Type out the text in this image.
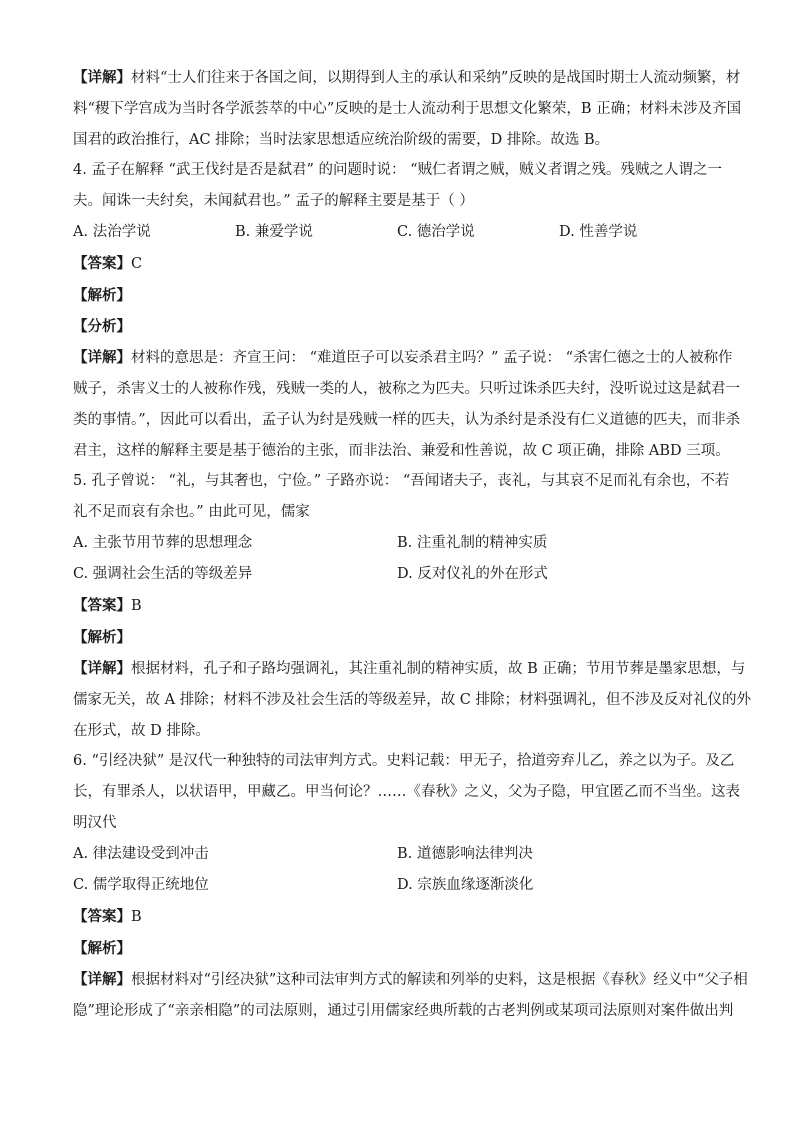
【详解】材料“士人们往来于各国之间，以期得到人主的承认和采纳”反映的是战国时期士人流动频繁，材
料“稷下学宫成为当时各学派荟萃的中心”反映的是士人流动利于思想文化繁荣，B 正确；材料未涉及齐国
国君的政治推行，AC 排除；当时法家思想适应统治阶级的需要，D 排除。故选 B。
4. 孟子在解释 “武王伐纣是否是弑君” 的问题时说： “贼仁者谓之贼，贼义者谓之残。残贼之人谓之一
夫。闻诛一夫纣矣，未闻弑君也。” 孟子的解释主要是基于（ ）
A. 法治学说	B. 兼爱学说	C. 德治学说	D. 性善学说
【答案】C
【解析】
【分析】
【详解】材料的意思是：齐宣王问： “难道臣子可以妄杀君主吗？” 孟子说： “杀害仁德之士的人被称作
贼子，杀害义士的人被称作残，残贼一类的人，被称之为匹夫。只听过诛杀匹夫纣，没听说过这是弑君一
类的事情。”，因此可以看出，孟子认为纣是残贼一样的匹夫，认为杀纣是杀没有仁义道德的匹夫，而非杀
君主，这样的解释主要是基于德治的主张，而非法治、兼爱和性善说，故 C 项正确，排除 ABD 三项。
5. 孔子曾说： “礼，与其奢也，宁俭。” 子路亦说： “吾闻诸夫子，丧礼，与其哀不足而礼有余也，不若
礼不足而哀有余也。” 由此可见，儒家
A. 主张节用节葬的思想理念	B. 注重礼制的精神实质
C. 强调社会生活的等级差异	D. 反对仪礼的外在形式
【答案】B
【解析】
【详解】根据材料，孔子和子路均强调礼，其注重礼制的精神实质，故 B 正确；节用节葬是墨家思想，与
儒家无关，故 A 排除；材料不涉及社会生活的等级差异，故 C 排除；材料强调礼，但不涉及反对礼仪的外
在形式，故 D 排除。
6. “引经决狱” 是汉代一种独特的司法审判方式。史料记载：甲无子，拾道旁弃儿乙，养之以为子。及乙
长，有罪杀人，以状语甲，甲藏乙。甲当何论？……《春秋》之义，父为子隐，甲宜匿乙而不当坐。这表
明汉代
A. 律法建设受到冲击	B. 道德影响法律判决
C. 儒学取得正统地位	D. 宗族血缘逐渐淡化
【答案】B
【解析】
【详解】根据材料对“引经决狱”这种司法审判方式的解读和列举的史料，这是根据《春秋》经义中“父子相
隐”理论形成了“亲亲相隐”的司法原则，通过引用儒家经典所载的古老判例或某项司法原则对案件做出判
